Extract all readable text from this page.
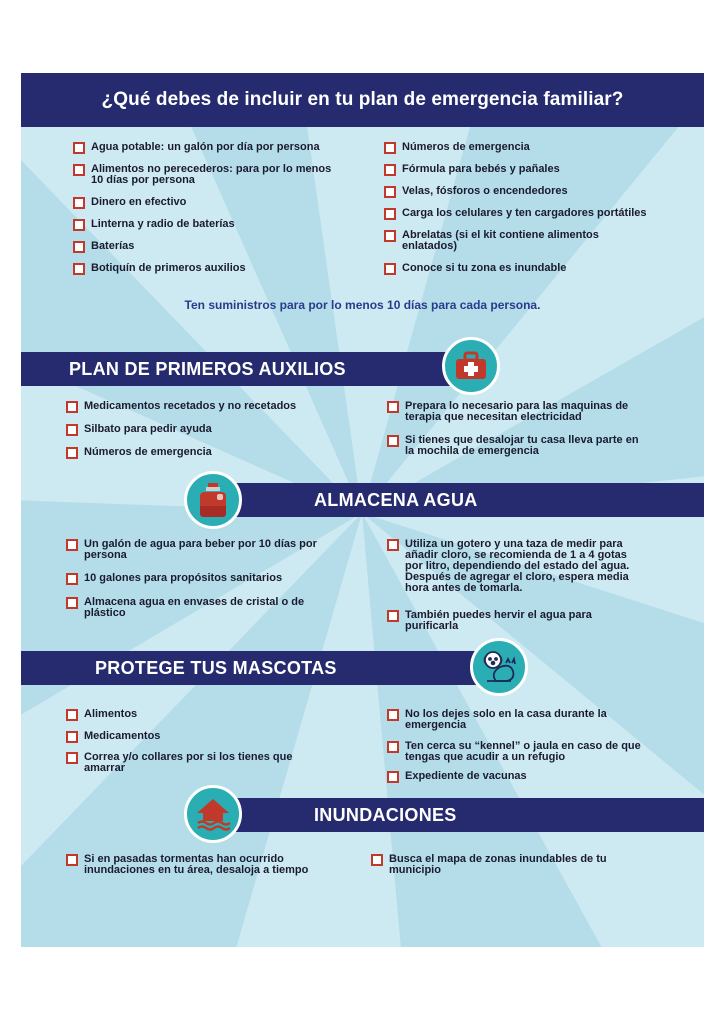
¿Qué debes de incluir en tu plan de emergencia familiar?
Agua potable: un galón por día por persona
Alimentos no perecederos: para por lo menos
10 días por persona
Dinero en efectivo
Linterna y radio de baterías
Baterías
Botiquín de primeros auxilios
Números de emergencia
Fórmula para bebés y pañales
Velas, fósforos o encendedores
Carga los celulares y ten cargadores portátiles
Abrelatas (si el kit contiene alimentos
enlatados)
Conoce si tu zona es inundable
Ten suministros para por lo menos 10 días para cada persona.
PLAN DE PRIMEROS AUXILIOS
Medicamentos recetados y no recetados
Silbato para pedir ayuda
Números de emergencia
Prepara lo necesario para las maquinas de
terapia que necesitan electricidad
Si tienes que desalojar tu casa lleva parte en
la mochila de emergencia
ALMACENA AGUA
Un galón de agua para beber por 10 días por
persona
10 galones para propósitos sanitarios
Almacena agua en envases de cristal o de
plástico
Utiliza un gotero y una taza de medir para
añadir cloro, se recomienda de 1 a 4 gotas
por litro, dependiendo del estado del agua.
Después de agregar el cloro, espera media
hora antes de tomarla.
También puedes hervir el agua para
purificarla
PROTEGE TUS MASCOTAS
Alimentos
Medicamentos
Correa y/o collares por si los tienes que
amarrar
No los dejes solo en la casa durante la
emergencia
Ten cerca su “kennel” o jaula en caso de que
tengas que acudir a un refugio
Expediente de vacunas
INUNDACIONES
Si en pasadas tormentas han ocurrido
inundaciones en tu área, desaloja a tiempo
Busca el mapa de zonas inundables de tu
municipio
